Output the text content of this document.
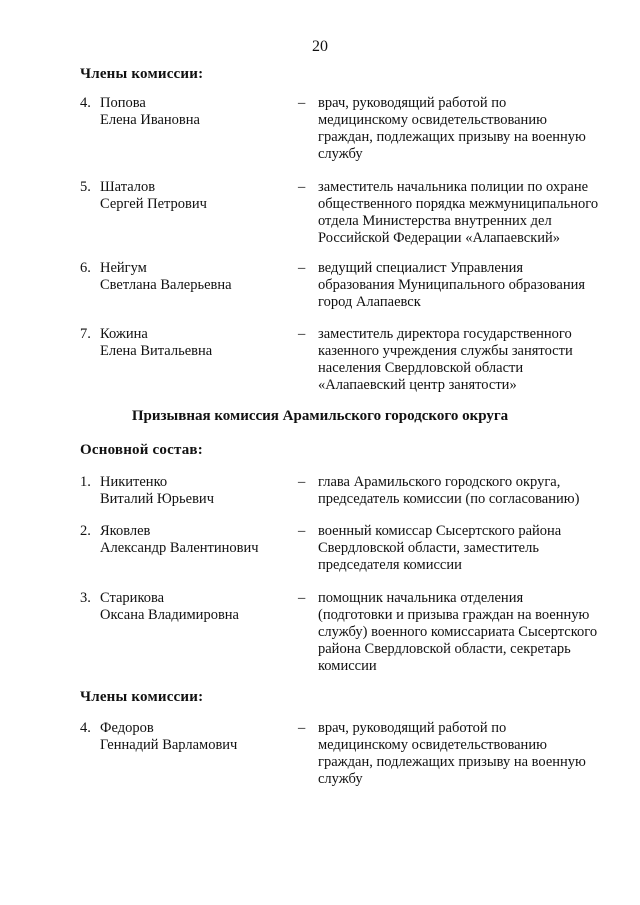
20
Члены комиссии:
4. Попова
Елена Ивановна
– врач, руководящий работой по
медицинскому освидетельствованию
граждан, подлежащих призыву на военную
службу
5. Шаталов
Сергей Петрович
– заместитель начальника полиции по охране
общественного порядка межмуниципального
отдела Министерства внутренних дел
Российской Федерации «Алапаевский»
6. Нейгум
Светлана Валерьевна
– ведущий специалист Управления
образования Муниципального образования
город Алапаевск
7. Кожина
Елена Витальевна
– заместитель директора государственного
казенного учреждения службы занятости
населения Свердловской области
«Алапаевский центр занятости»
Призывная комиссия Арамильского городского округа
Основной состав:
1. Никитенко
Виталий Юрьевич
– глава Арамильского городского округа,
председатель комиссии (по согласованию)
2. Яковлев
Александр Валентинович
– военный комиссар Сысертского района
Свердловской области, заместитель
председателя комиссии
3. Старикова
Оксана Владимировна
– помощник начальника отделения
(подготовки и призыва граждан на военную
службу) военного комиссариата Сысертского
района Свердловской области, секретарь
комиссии
Члены комиссии:
4. Федоров
Геннадий Варламович
– врач, руководящий работой по
медицинскому освидетельствованию
граждан, подлежащих призыву на военную
службу
